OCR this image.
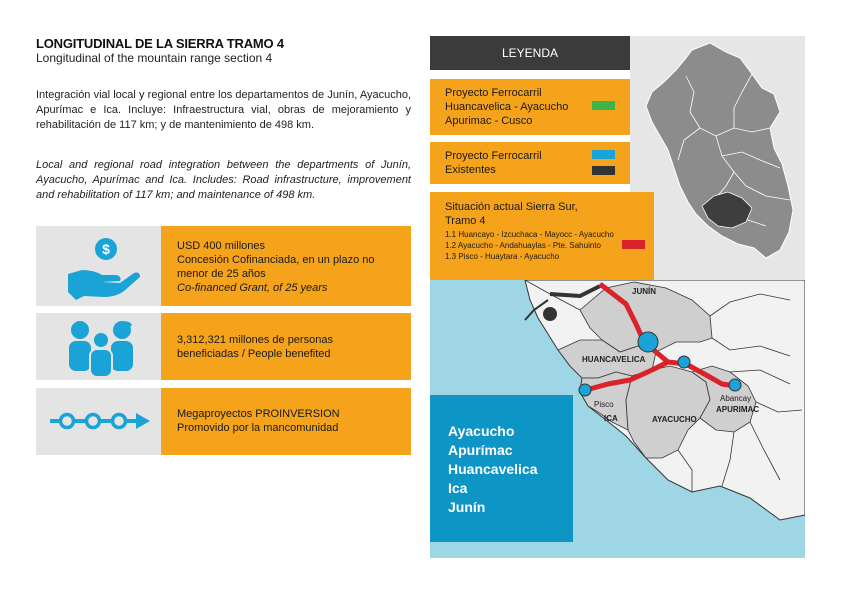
LONGITUDINAL DE LA SIERRA TRAMO 4
Longitudinal of the mountain range section 4
Integración vial local y regional entre los departamentos de Junín, Ayacucho, Apurímac e Ica. Incluye: Infraestructura vial, obras de mejoramiento y rehabilitación de 117 km; y de mantenimiento de 498 km.
Local and regional road integration between the departments of Junín, Ayacucho, Apurímac and Ica. Includes: Road infrastructure, improvement and rehabilitation of 117 km; and maintenance of 498 km.
$	USD 400 millones
Concesión Cofinanciada, en un plazo no
menor de 25 años
Co-financed Grant, of 25 years
3,312,321 millones de personas
beneficiadas / People benefited
Megaproyectos PROINVERSION
Promovido por la mancomunidad
LEYENDA
Proyecto Ferrocarril
Huancavelica - Ayacucho
Apurimac - Cusco
Proyecto Ferrocarril
Existentes
Situación actual Sierra Sur,
Tramo 4
1.1 Huancayo - Izcuchaca - Mayocc - Ayacucho
1.2 Ayacucho - Andahuaylas - Pte. Sahuinto
1.3 Pisco - Huaytara - Ayacucho
JUNÍN
HUANCAVELICA
Pisco
ICA	AYACUCHO
Abancay
APURIMAC
Ayacucho
Apurímac
Huancavelica
Ica
Junín
